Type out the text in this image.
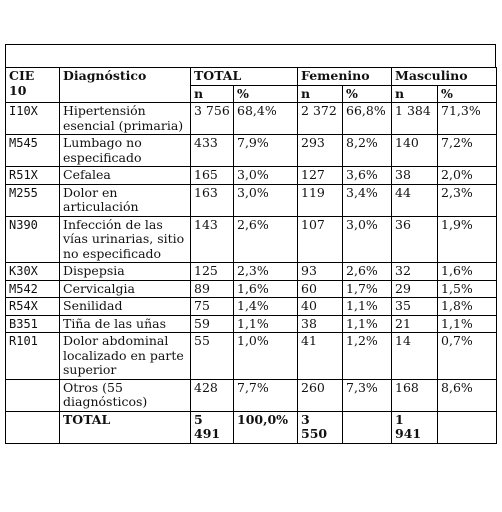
CIE 10	Diagnóstico	TOTAL		Femenino		Masculino	
		n	%	n	%	n	%
I10X	Hipertensión esencial (primaria)	3 756	68,4%	2 372	66,8%	1 384	71,3%
M545	Lumbago no especificado	433	7,9%	293	8,2%	140	7,2%
R51X	Cefalea	165	3,0%	127	3,6%	38	2,0%
M255	Dolor en articulación	163	3,0%	119	3,4%	44	2,3%
N390	Infección de las vías urinarias, sitio no especificado	143	2,6%	107	3,0%	36	1,9%
K30X	Dispepsia	125	2,3%	93	2,6%	32	1,6%
M542	Cervicalgia	89	1,6%	60	1,7%	29	1,5%
R54X	Senilidad	75	1,4%	40	1,1%	35	1,8%
B351	Tiña de las uñas	59	1,1%	38	1,1%	21	1,1%
R101	Dolor abdominal localizado en parte superior	55	1,0%	41	1,2%	14	0,7%
	Otros (55 diagnósticos)	428	7,7%	260	7,3%	168	8,6%
	TOTAL	5 491	100,0%	3 550		1 941	
